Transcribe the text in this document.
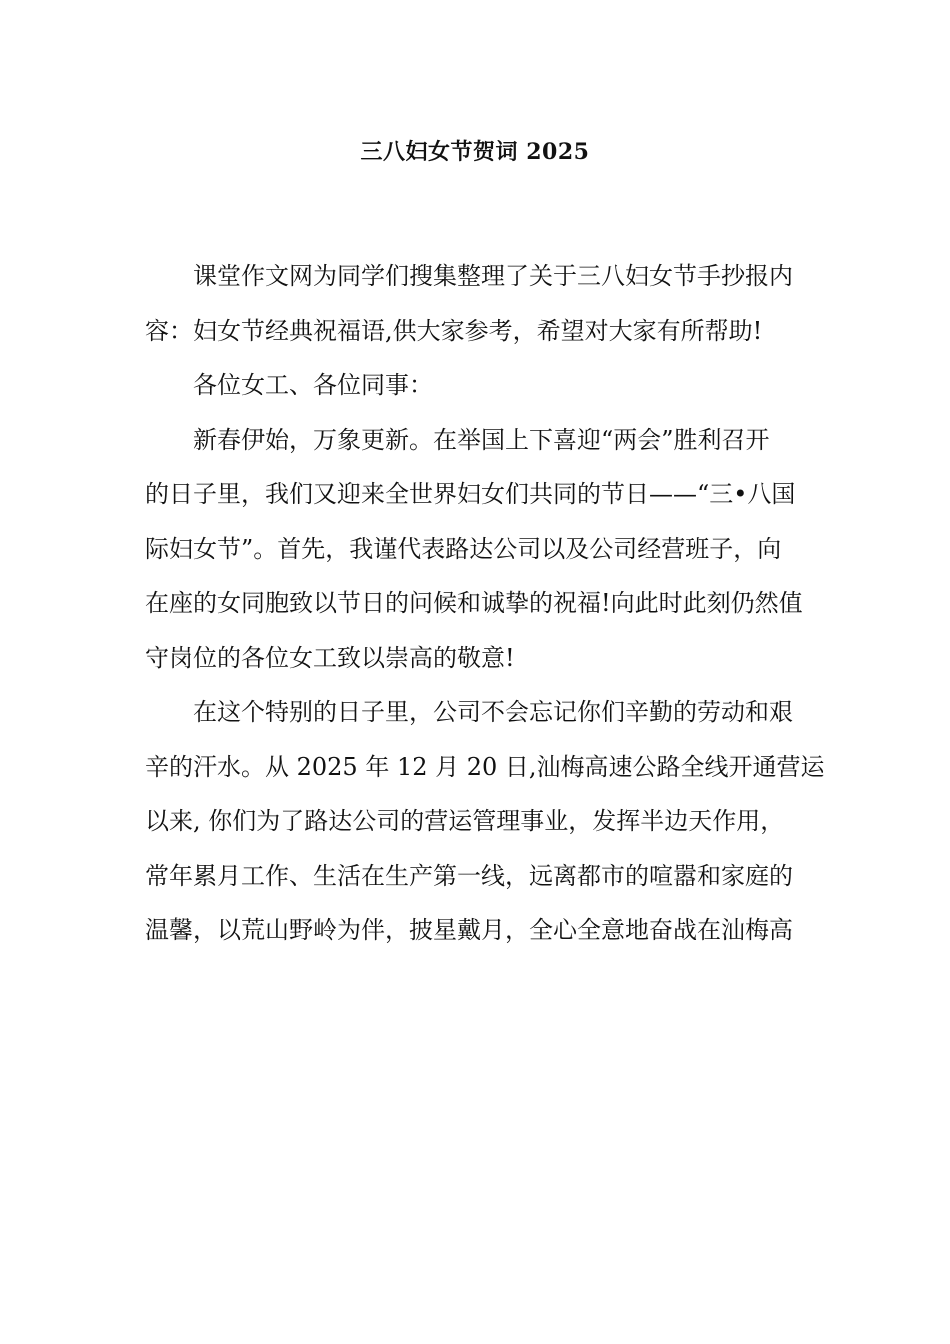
三八妇女节贺词 2025
课堂作文网为同学们搜集整理了关于三八妇女节手抄报内
容：妇女节经典祝福语,供大家参考，希望对大家有所帮助!
各位女工、各位同事：
新春伊始，万象更新。在举国上下喜迎“两会”胜利召开
的日子里，我们又迎来全世界妇女们共同的节日——“三•八国
际妇女节”。首先，我谨代表路达公司以及公司经营班子，向
在座的女同胞致以节日的问候和诚挚的祝福!向此时此刻仍然值
守岗位的各位女工致以崇高的敬意!
在这个特别的日子里，公司不会忘记你们辛勤的劳动和艰
辛的汗水。从 2025 年 12 月 20 日,汕梅高速公路全线开通营运
以来, 你们为了路达公司的营运管理事业，发挥半边天作用，
常年累月工作、生活在生产第一线，远离都市的喧嚣和家庭的
温馨，以荒山野岭为伴，披星戴月，全心全意地奋战在汕梅高
